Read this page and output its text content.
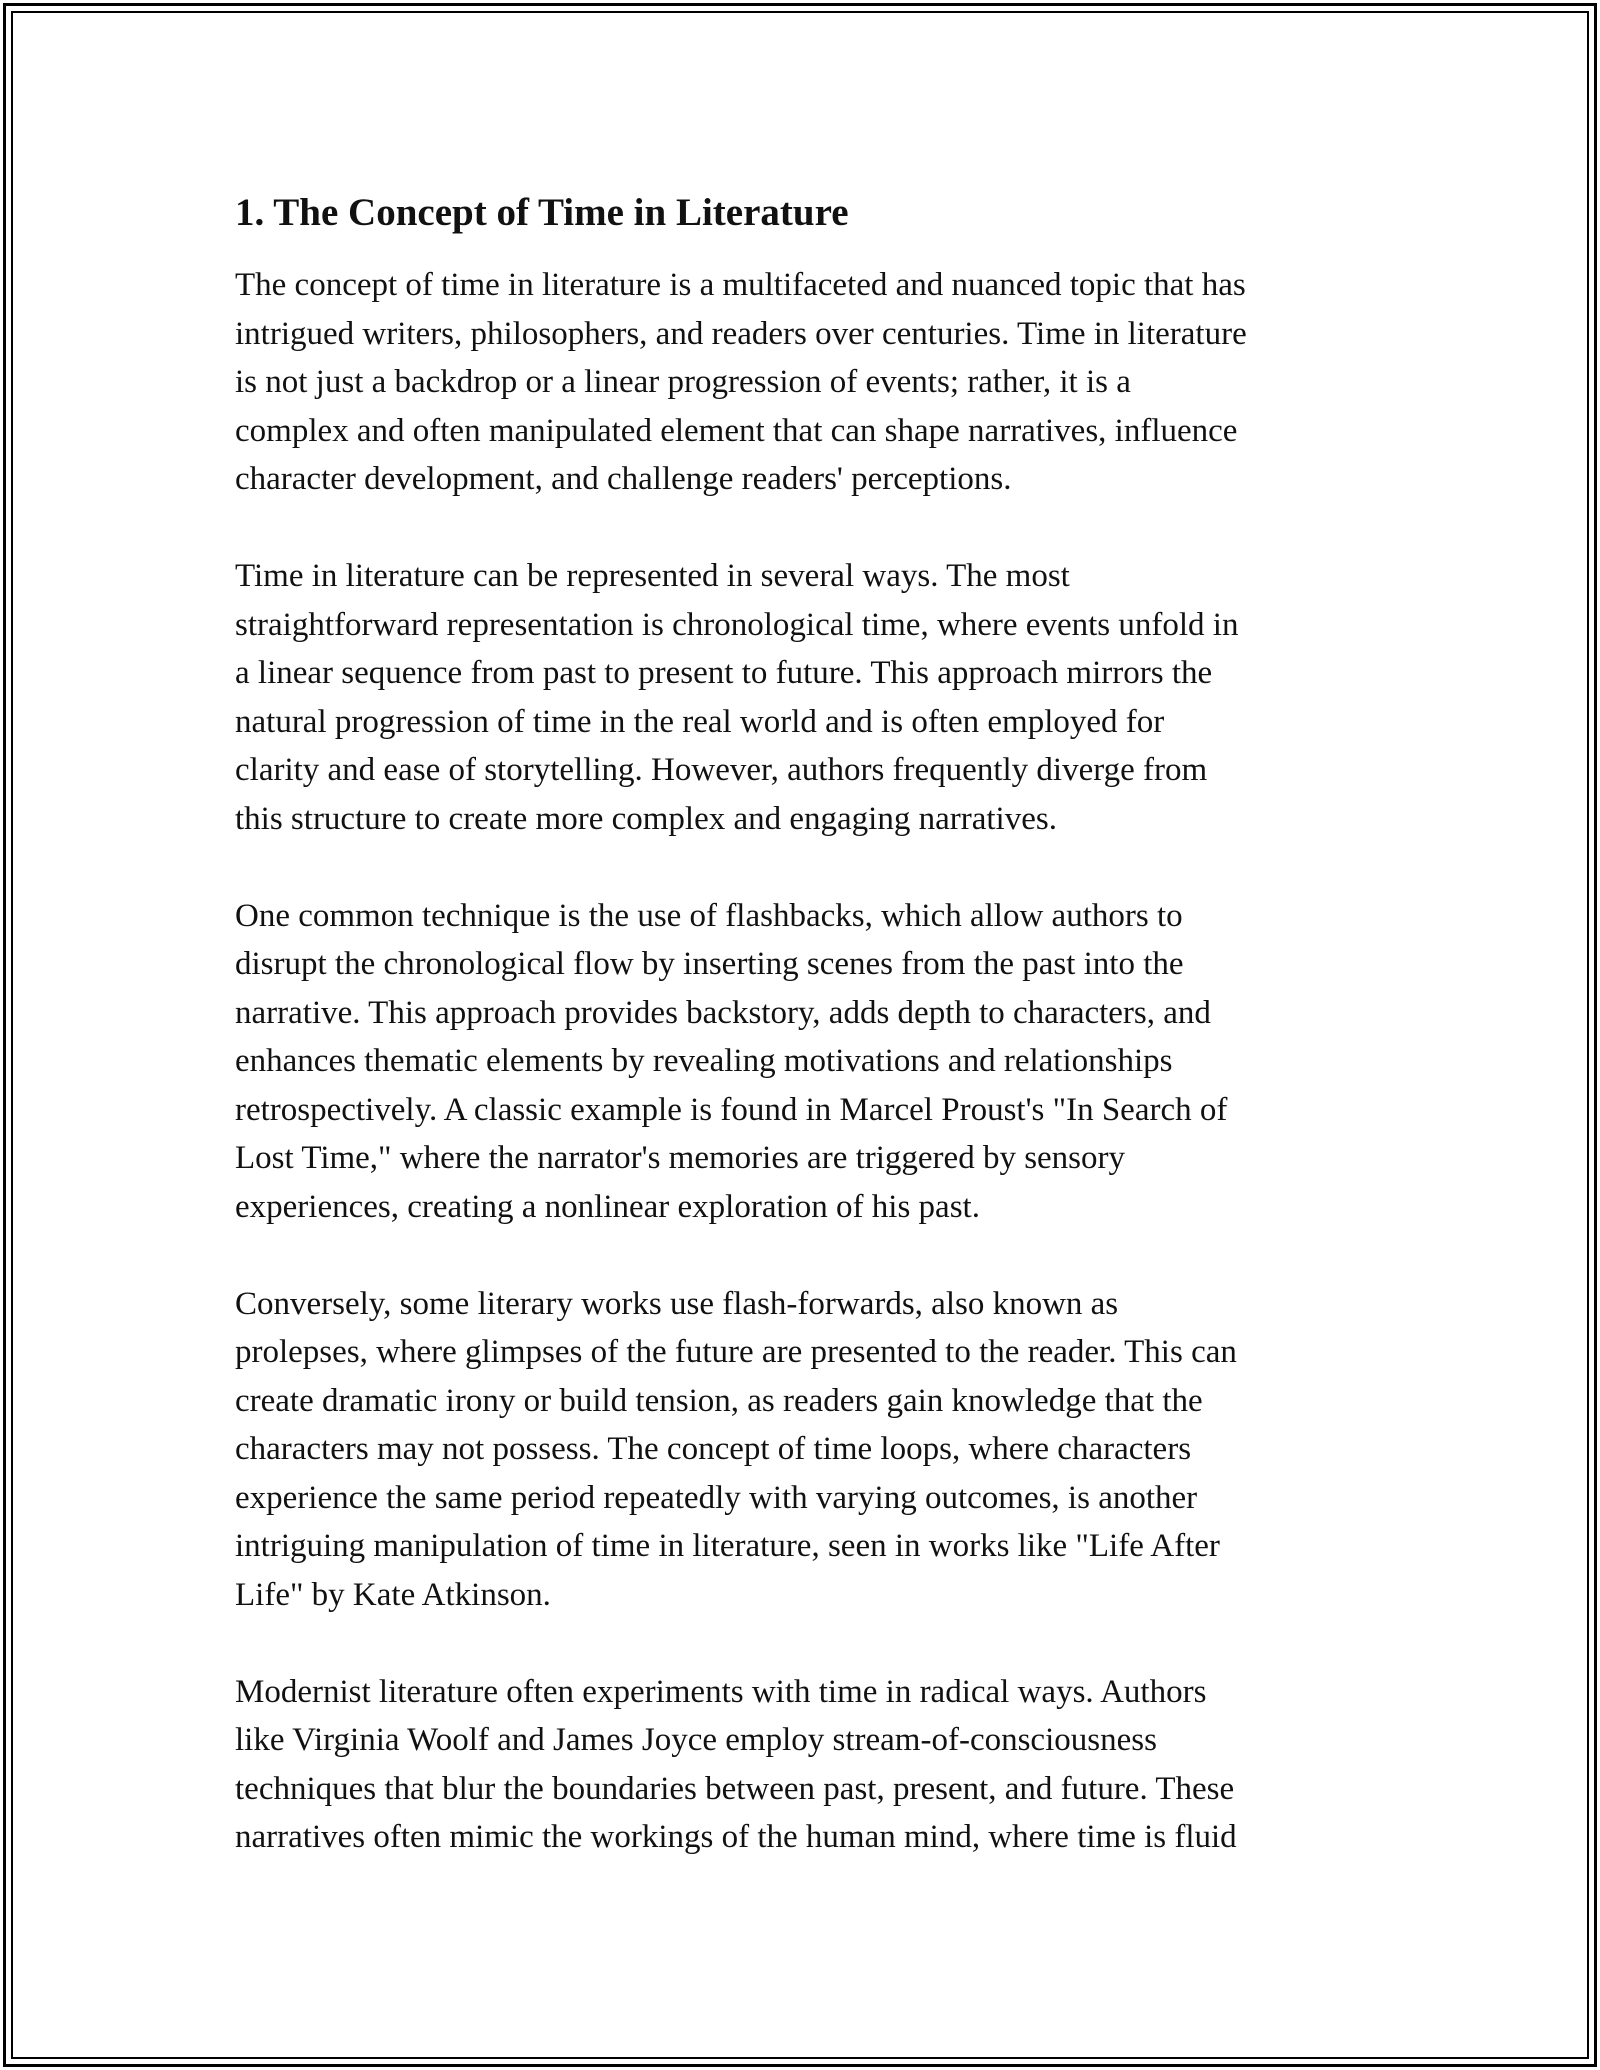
1. The Concept of Time in Literature
The concept of time in literature is a multifaceted and nuanced topic that has
intrigued writers, philosophers, and readers over centuries. Time in literature
is not just a backdrop or a linear progression of events; rather, it is a
complex and often manipulated element that can shape narratives, influence
character development, and challenge readers' perceptions.
Time in literature can be represented in several ways. The most
straightforward representation is chronological time, where events unfold in
a linear sequence from past to present to future. This approach mirrors the
natural progression of time in the real world and is often employed for
clarity and ease of storytelling. However, authors frequently diverge from
this structure to create more complex and engaging narratives.
One common technique is the use of flashbacks, which allow authors to
disrupt the chronological flow by inserting scenes from the past into the
narrative. This approach provides backstory, adds depth to characters, and
enhances thematic elements by revealing motivations and relationships
retrospectively. A classic example is found in Marcel Proust's "In Search of
Lost Time," where the narrator's memories are triggered by sensory
experiences, creating a nonlinear exploration of his past.
Conversely, some literary works use flash-forwards, also known as
prolepses, where glimpses of the future are presented to the reader. This can
create dramatic irony or build tension, as readers gain knowledge that the
characters may not possess. The concept of time loops, where characters
experience the same period repeatedly with varying outcomes, is another
intriguing manipulation of time in literature, seen in works like "Life After
Life" by Kate Atkinson.
Modernist literature often experiments with time in radical ways. Authors
like Virginia Woolf and James Joyce employ stream-of-consciousness
techniques that blur the boundaries between past, present, and future. These
narratives often mimic the workings of the human mind, where time is fluid
